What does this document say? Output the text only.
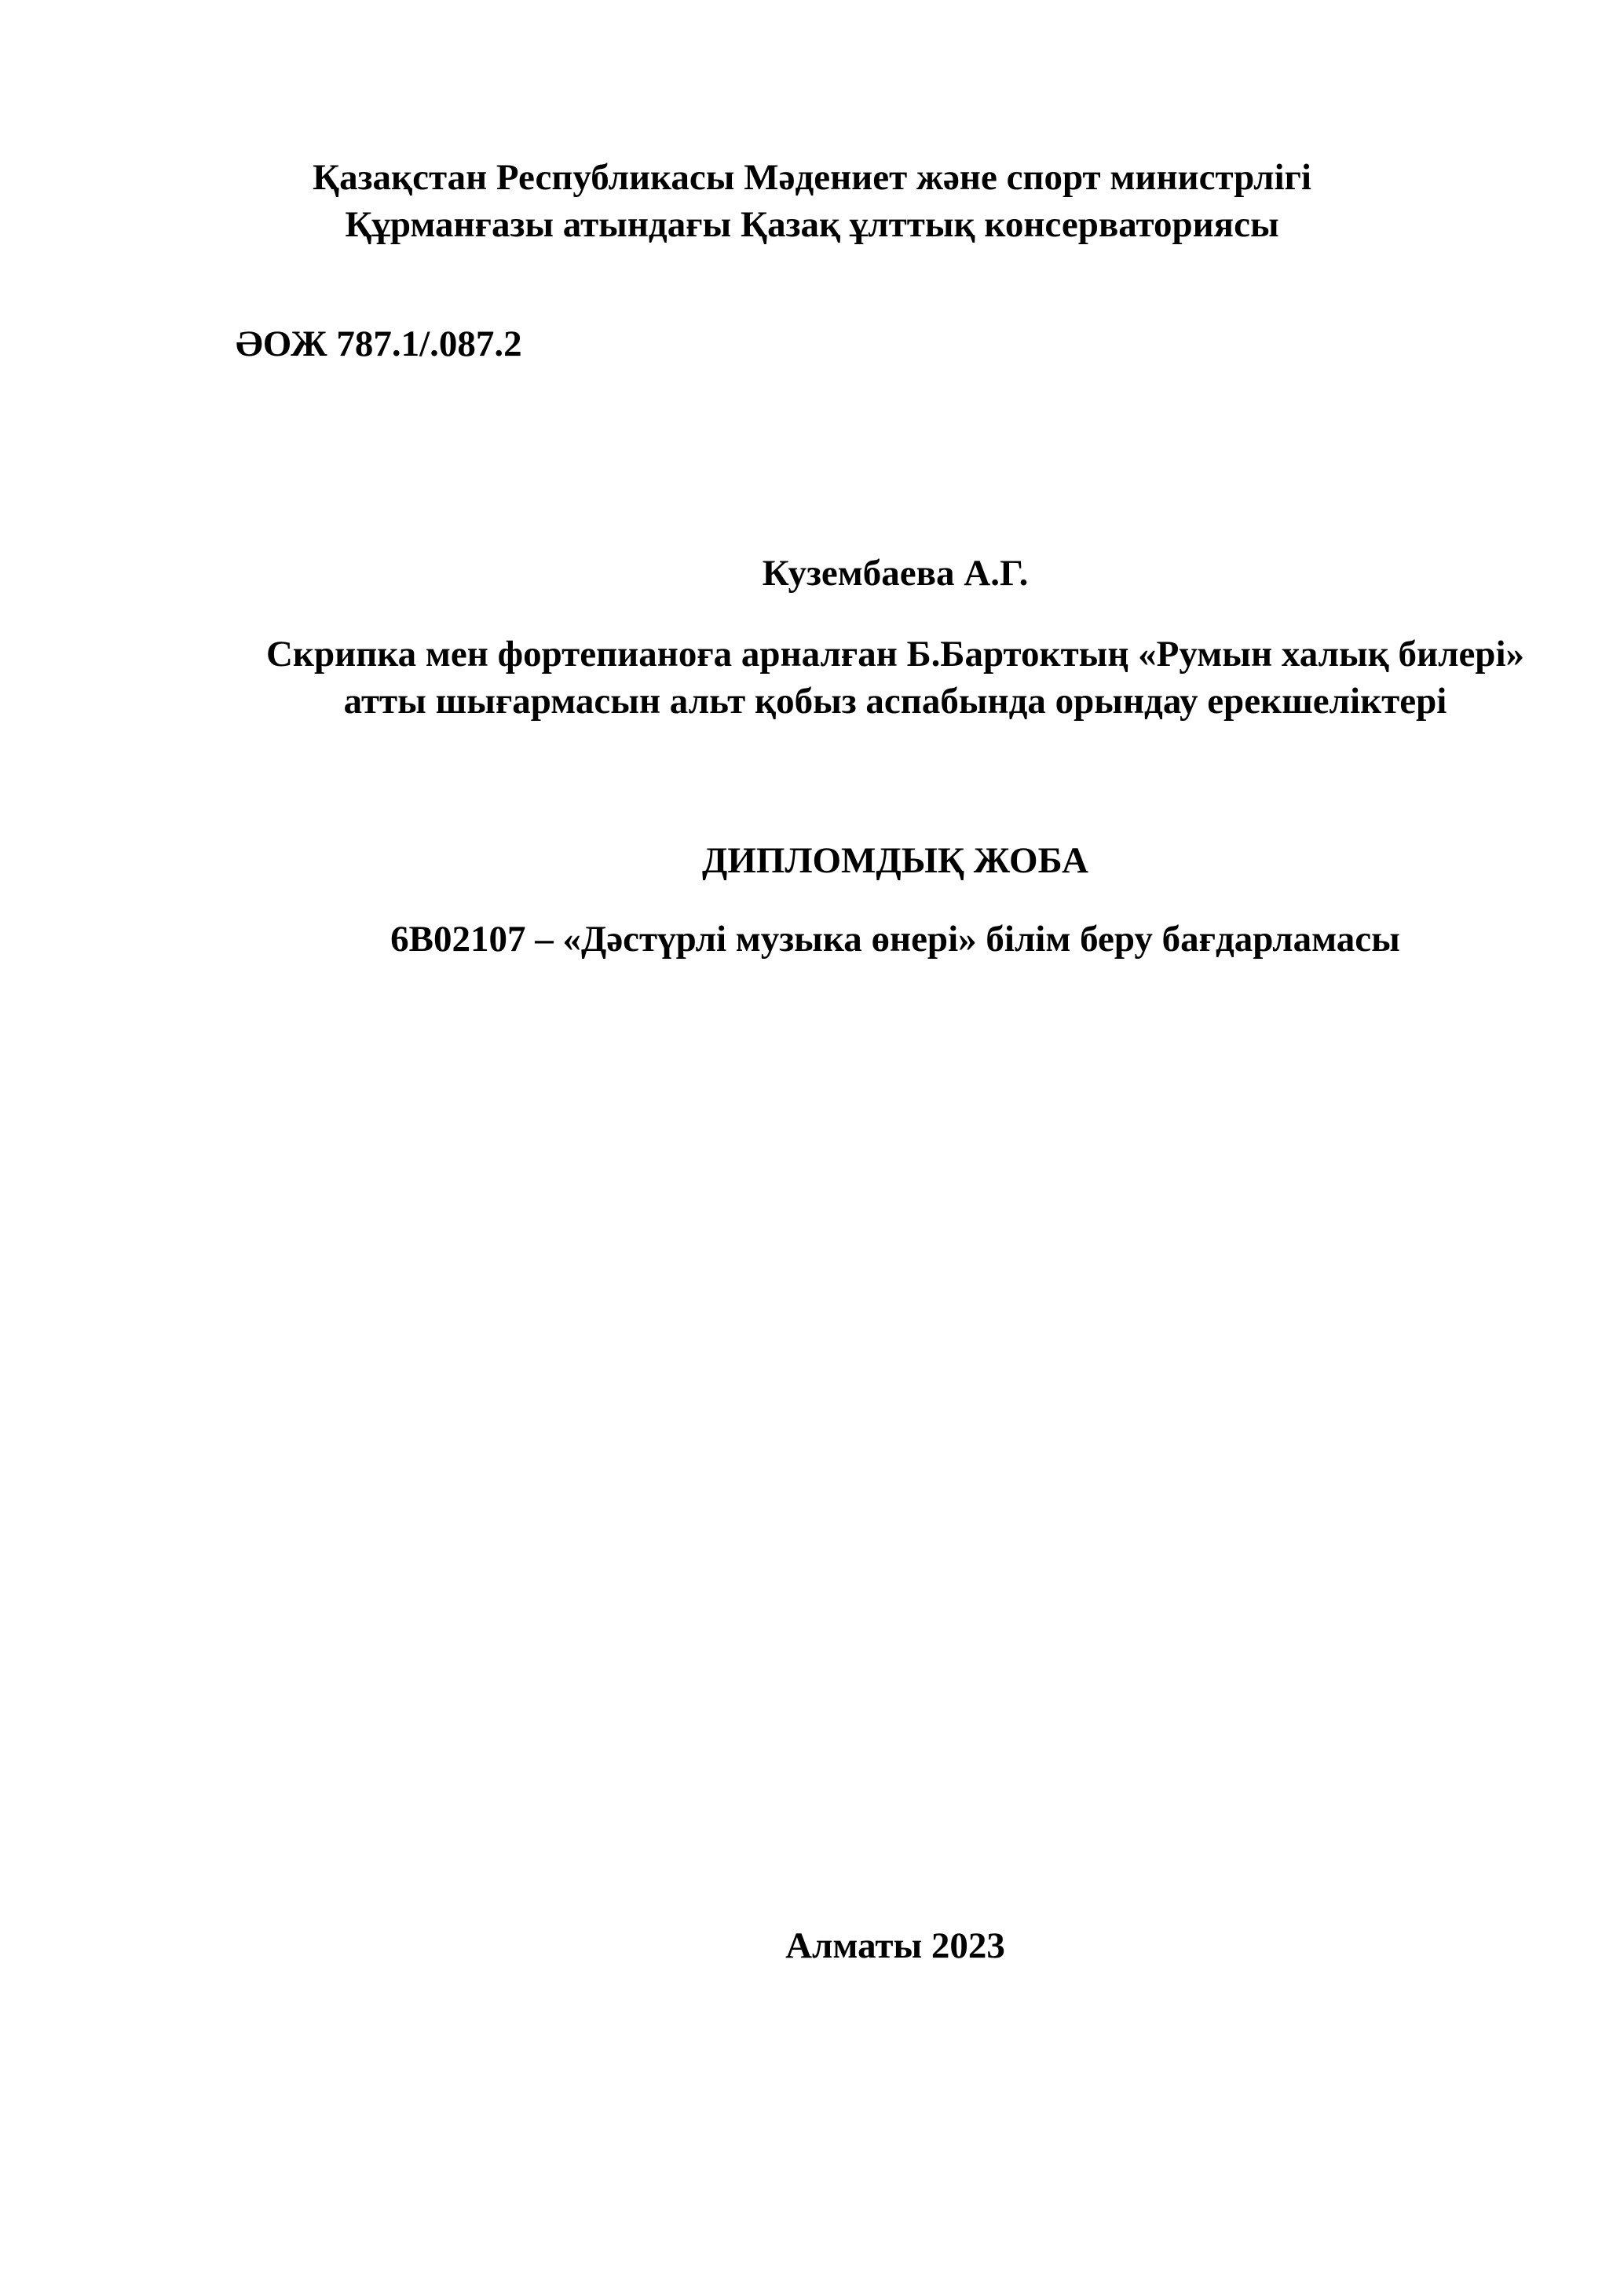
Қазақстан Республикасы Мәдениет және спорт министрлігі

Құрманғазы атындағы Қазақ ұлттық консерваториясы

ӘОЖ 787.1/.087.2

Кузембаева А.Г.

Скрипка мен фортепианоға арналған Б.Бартоктың «Румын халық билері»

атты шығармасын альт қобыз аспабында орындау ерекшеліктері

ДИПЛОМДЫҚ ЖОБА

6В02107 – «Дәстүрлі музыка өнері» білім беру бағдарламасы

Алматы 2023
